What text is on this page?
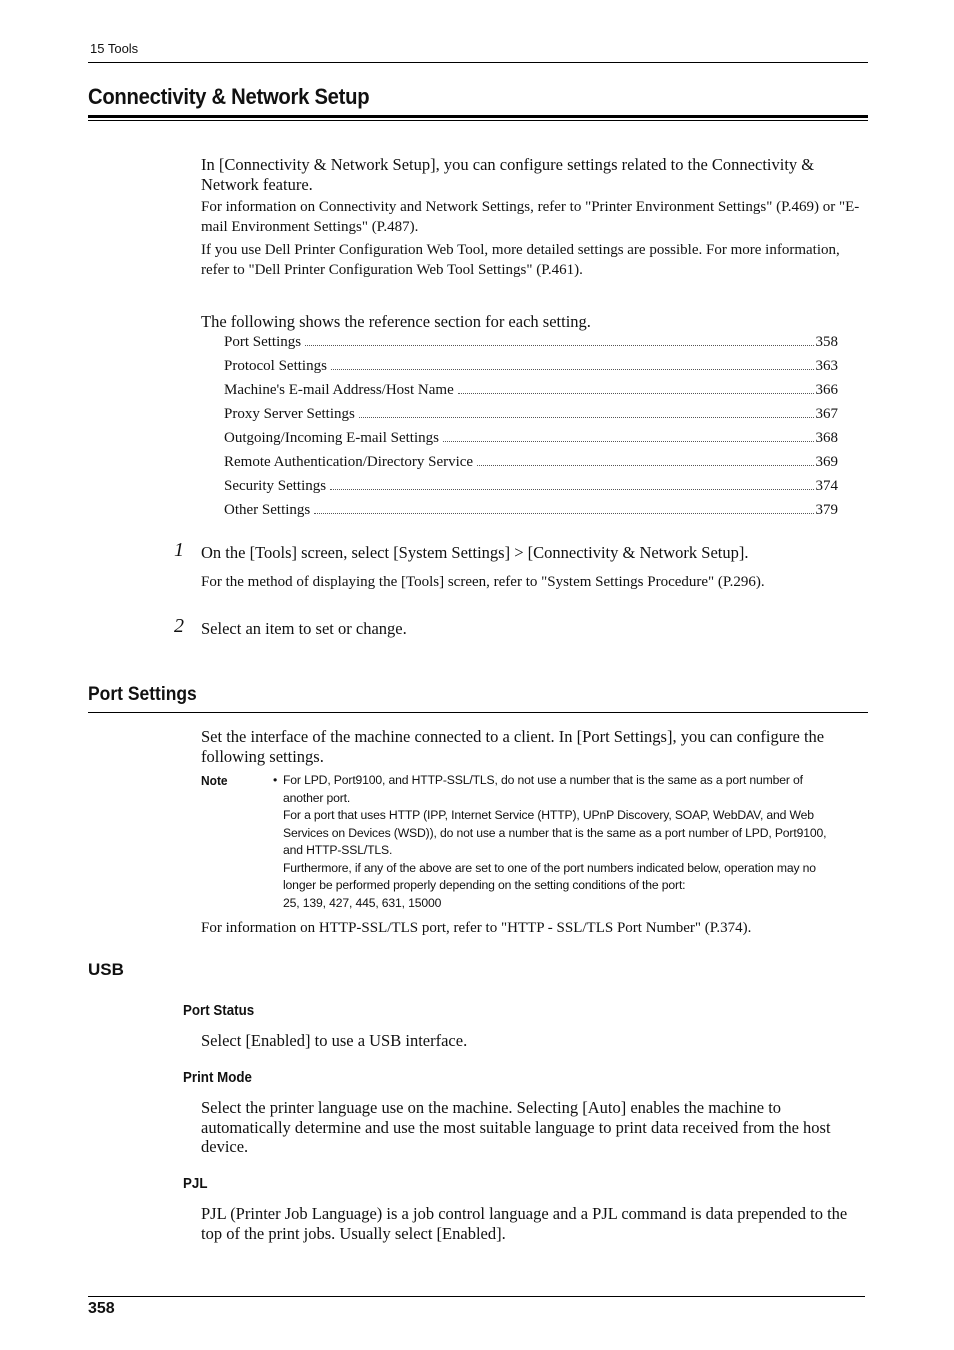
15 Tools
Connectivity & Network Setup

In [Connectivity & Network Setup], you can configure settings related to the Connectivity & Network feature.

For information on Connectivity and Network Settings, refer to "Printer Environment Settings" (P.469) or "E-mail Environment Settings" (P.487).

If you use Dell Printer Configuration Web Tool, more detailed settings are possible. For more information, refer to "Dell Printer Configuration Web Tool Settings" (P.461).

The following shows the reference section for each setting.

Port Settings	358
Protocol Settings	363
Machine's E-mail Address/Host Name	366
Proxy Server Settings	367
Outgoing/Incoming E-mail Settings	368
Remote Authentication/Directory Service	369
Security Settings	374
Other Settings	379
1 On the [Tools] screen, select [System Settings] > [Connectivity & Network Setup].

For the method of displaying the [Tools] screen, refer to "System Settings Procedure" (P.296).

2 Select an item to set or change.

Port Settings

Set the interface of the machine connected to a client. In [Port Settings], you can configure the following settings.

Note	• For LPD, Port9100, and HTTP-SSL/TLS, do not use a number that is the same as a port number of
another port.
For a port that uses HTTP (IPP, Internet Service (HTTP), UPnP Discovery, SOAP, WebDAV, and Web
Services on Devices (WSD)), do not use a number that is the same as a port number of LPD, Port9100,
and HTTP-SSL/TLS.
Furthermore, if any of the above are set to one of the port numbers indicated below, operation may no
longer be performed properly depending on the setting conditions of the port:
25, 139, 427, 445, 631, 15000

For information on HTTP-SSL/TLS port, refer to "HTTP - SSL/TLS Port Number" (P.374).

USB
Port Status

Select [Enabled] to use a USB interface.

Print Mode

Select the printer language use on the machine. Selecting [Auto] enables the machine to automatically determine and use the most suitable language to print data received from the host device.

PJL

PJL (Printer Job Language) is a job control language and a PJL command is data prepended to the top of the print jobs. Usually select [Enabled].

358
